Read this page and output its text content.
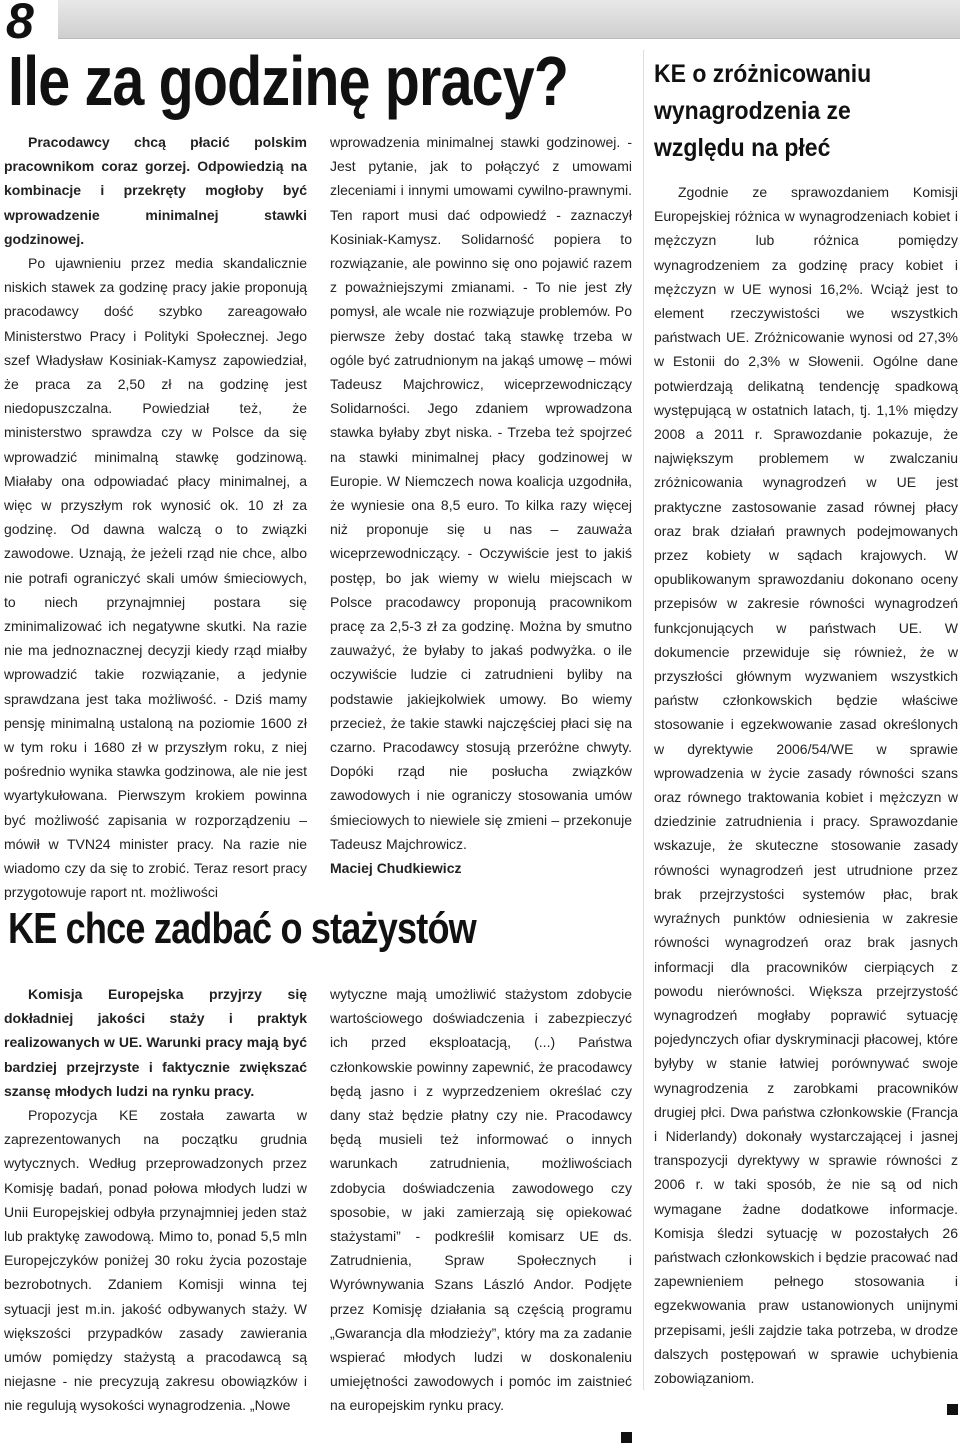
8
Ile za godzinę pracy?

Pracodawcy chcą płacić polskim pracownikom coraz gorzej. Odpowiedzią na kombinacje i przekręty mogłoby być wprowadzenie minimalnej stawki godzinowej.

Po ujawnieniu przez media skandalicznie niskich stawek za godzinę pracy jakie proponują pracodawcy dość szybko zareagowało Ministerstwo Pracy i Polityki Społecznej. Jego szef Władysław Kosiniak-Kamysz zapowiedział, że praca za 2,50 zł na godzinę jest niedopuszczalna. Powiedział też, że ministerstwo sprawdza czy w Polsce da się wprowadzić minimalną stawkę godzinową. Miałaby ona odpowiadać płacy minimalnej, a więc w przyszłym rok wynosić ok. 10 zł za godzinę. Od dawna walczą o to związki zawodowe. Uznają, że jeżeli rząd nie chce, albo nie potrafi ograniczyć skali umów śmieciowych, to niech przynajmniej postara się zminimalizować ich negatywne skutki. Na razie nie ma jednoznacznej decyzji kiedy rząd miałby wprowadzić takie rozwiązanie, a jedynie sprawdzana jest taka możliwość. - Dziś mamy pensję minimalną ustaloną na poziomie 1600 zł w tym roku i 1680 zł w przyszłym roku, z niej pośrednio wynika stawka godzinowa, ale nie jest wyartykułowana. Pierwszym krokiem powinna być możliwość zapisania w rozporządzeniu – mówił w TVN24 minister pracy. Na razie nie wiadomo czy da się to zrobić. Teraz resort pracy przygotowuje raport nt. możliwości

wprowadzenia minimalnej stawki godzinowej. - Jest pytanie, jak to połączyć z umowami zleceniami i innymi umowami cywilno-prawnymi. Ten raport musi dać odpowiedź - zaznaczył Kosiniak-Kamysz. Solidarność popiera to rozwiązanie, ale powinno się ono pojawić razem z poważniejszymi zmianami. - To nie jest zły pomysł, ale wcale nie rozwiązuje problemów. Po pierwsze żeby dostać taką stawkę trzeba w ogóle być zatrudnionym na jakąś umowę – mówi Tadeusz Majchrowicz, wiceprzewodniczący Solidarności. Jego zdaniem wprowadzona stawka byłaby zbyt niska. - Trzeba też spojrzeć na stawki minimalnej płacy godzinowej w Europie. W Niemczech nowa koalicja uzgodniła, że wyniesie ona 8,5 euro. To kilka razy więcej niż proponuje się u nas – zauważa wiceprzewodniczący. - Oczywiście jest to jakiś postęp, bo jak wiemy w wielu miejscach w Polsce pracodawcy proponują pracownikom pracę za 2,5-3 zł za godzinę. Można by smutno zauważyć, że byłaby to jakaś podwyżka. o ile oczywiście ludzie ci zatrudnieni byliby na podstawie jakiejkolwiek umowy. Bo wiemy przecież, że takie stawki najczęściej płaci się na czarno. Pracodawcy stosują przeróżne chwyty. Dopóki rząd nie posłucha związków zawodowych i nie ograniczy stosowania umów śmieciowych to niewiele się zmieni – przekonuje Tadeusz Majchrowicz.

Maciej Chudkiewicz

KE chce zadbać o stażystów

Komisja Europejska przyjrzy się dokładniej jakości staży i praktyk realizowanych w UE. Warunki pracy mają być bardziej przejrzyste i faktycznie zwiększać szansę młodych ludzi na rynku pracy.

Propozycja KE została zawarta w zaprezentowanych na początku grudnia wytycznych. Według przeprowadzonych przez Komisję badań, ponad połowa młodych ludzi w Unii Europejskiej odbyła przynajmniej jeden staż lub praktykę zawodową. Mimo to, ponad 5,5 mln Europejczyków poniżej 30 roku życia pozostaje bezrobotnych. Zdaniem Komisji winna tej sytuacji jest m.in. jakość odbywanych staży. W większości przypadków zasady zawierania umów pomiędzy stażystą a pracodawcą są niejasne - nie precyzują zakresu obowiązków i nie regulują wysokości wynagrodzenia. „Nowe

wytyczne mają umożliwić stażystom zdobycie wartościowego doświadczenia i zabezpieczyć ich przed eksploatacją, (...) Państwa członkowskie powinny zapewnić, że pracodawcy będą jasno i z wyprzedzeniem określać czy dany staż będzie płatny czy nie. Pracodawcy będą musieli też informować o innych warunkach zatrudnienia, możliwościach zdobycia doświadczenia zawodowego czy sposobie, w jaki zamierzają się opiekować stażystami” - podkreślił komisarz UE ds. Zatrudnienia, Spraw Społecznych i Wyrównywania Szans László Andor. Podjęte przez Komisję działania są częścią programu „Gwarancja dla młodzieży”, który ma za zadanie wspierać młodych ludzi w doskonaleniu umiejętności zawodowych i pomóc im zaistnieć na europejskim rynku pracy.

KE o zróżnicowaniu wynagrodzenia ze względu na płeć

Zgodnie ze sprawozdaniem Komisji Europejskiej różnica w wynagrodzeniach kobiet i mężczyzn lub różnica pomiędzy wynagrodzeniem za godzinę pracy kobiet i mężczyzn w UE wynosi 16,2%. Wciąż jest to element rzeczywistości we wszystkich państwach UE. Zróżnicowanie wynosi od 27,3% w Estonii do 2,3% w Słowenii. Ogólne dane potwierdzają delikatną tendencję spadkową występującą w ostatnich latach, tj. 1,1% między 2008 a 2011 r. Sprawozdanie pokazuje, że największym problemem w zwalczaniu zróżnicowania wynagrodzeń w UE jest praktyczne zastosowanie zasad równej płacy oraz brak działań prawnych podejmowanych przez kobiety w sądach krajowych. W opublikowanym sprawozdaniu dokonano oceny przepisów w zakresie równości wynagrodzeń funkcjonujących w państwach UE. W dokumencie przewiduje się również, że w przyszłości głównym wyzwaniem wszystkich państw członkowskich będzie właściwe stosowanie i egzekwowanie zasad określonych w dyrektywie 2006/54/WE w sprawie wprowadzenia w życie zasady równości szans oraz równego traktowania kobiet i mężczyzn w dziedzinie zatrudnienia i pracy. Sprawozdanie wskazuje, że skuteczne stosowanie zasady równości wynagrodzeń jest utrudnione przez brak przejrzystości systemów płac, brak wyraźnych punktów odniesienia w zakresie równości wynagrodzeń oraz brak jasnych informacji dla pracowników cierpiących z powodu nierówności. Większa przejrzystość wynagrodzeń mogłaby poprawić sytuację pojedynczych ofiar dyskryminacji płacowej, które byłyby w stanie łatwiej porównywać swoje wynagrodzenia z zarobkami pracowników drugiej płci. Dwa państwa członkowskie (Francja i Niderlandy) dokonały wystarczającej i jasnej transpozycji dyrektywy w sprawie równości z 2006 r. w taki sposób, że nie są od nich wymagane żadne dodatkowe informacje. Komisja śledzi sytuację w pozostałych 26 państwach członkowskich i będzie pracować nad zapewnieniem pełnego stosowania i egzekwowania praw ustanowionych unijnymi przepisami, jeśli zajdzie taka potrzeba, w drodze dalszych postępowań w sprawie uchybienia zobowiązaniom.
